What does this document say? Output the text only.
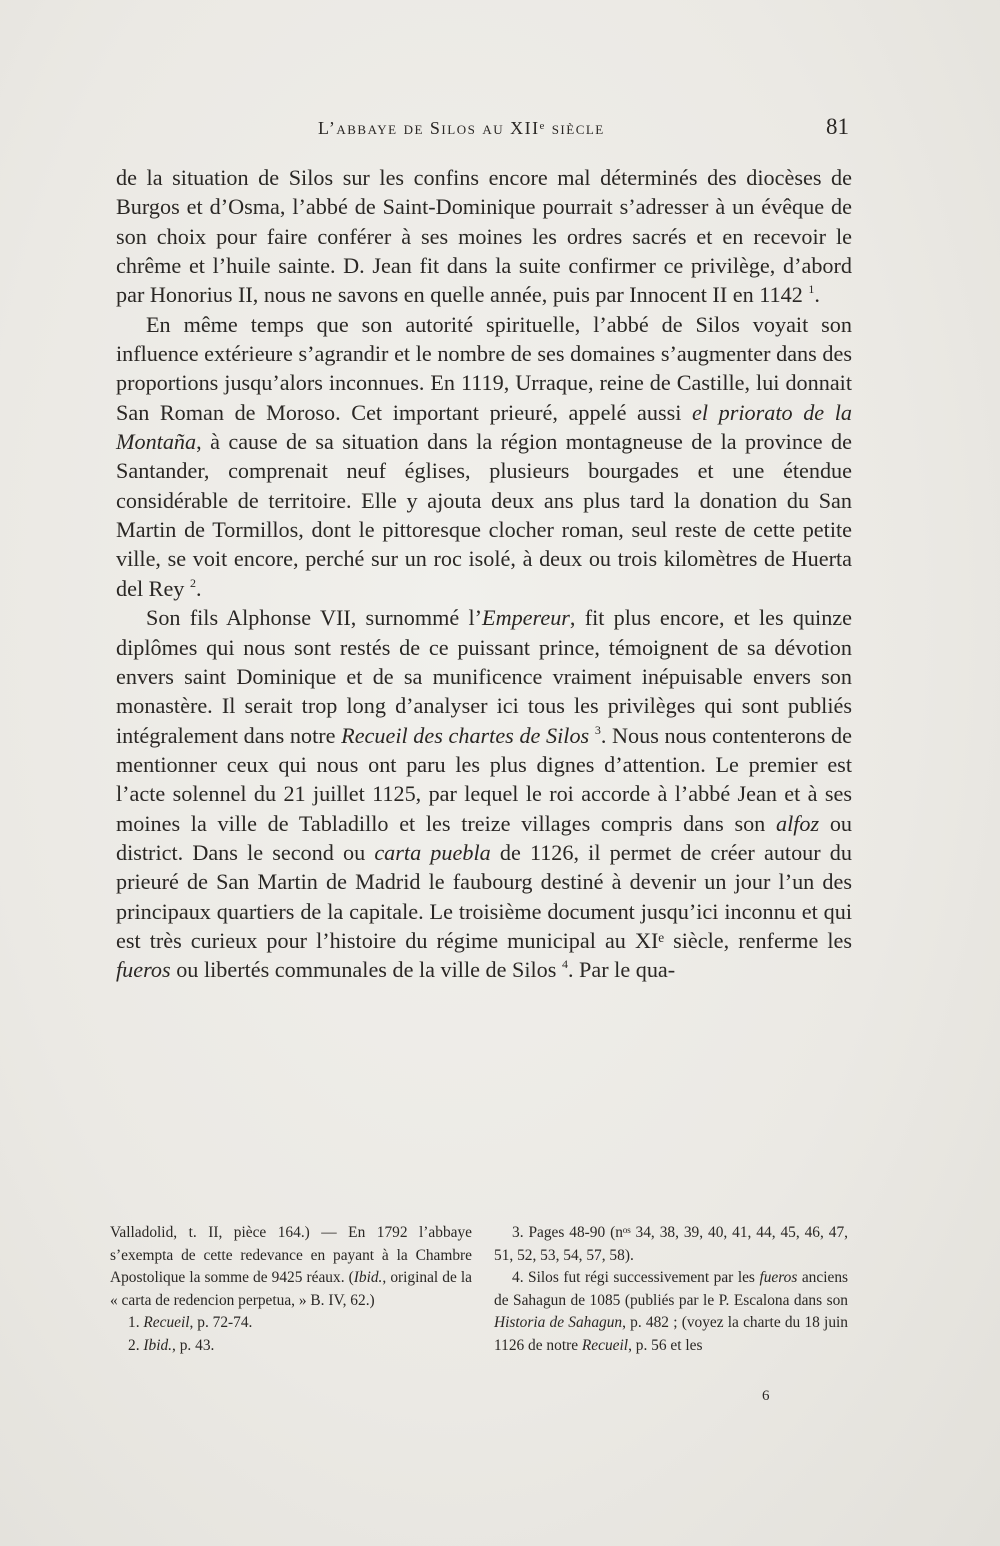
L’abbaye de Silos au XIIᵉ siècle	81

de la situation de Silos sur les confins encore mal déterminés des diocèses de Burgos et d’Osma, l’abbé de Saint-Dominique pourrait s’adresser à un évêque de son choix pour faire conférer à ses moines les ordres sacrés et en recevoir le chrême et l’huile sainte. D. Jean fit dans la suite confirmer ce privilège, d’abord par Honorius II, nous ne savons en quelle année, puis par Innocent II en 1142 $^1$.

En même temps que son autorité spirituelle, l’abbé de Silos voyait son influence extérieure s’agrandir et le nombre de ses domaines s’augmenter dans des proportions jusqu’alors inconnues. En 1119, Urraque, reine de Castille, lui donnait San Roman de Moroso. Cet important prieuré, appelé aussi el priorato de la Montaña, à cause de sa situation dans la région montagneuse de la province de Santander, comprenait neuf églises, plusieurs bourgades et une étendue considérable de territoire. Elle y ajouta deux ans plus tard la donation du San Martin de Tormillos, dont le pittoresque clocher roman, seul reste de cette petite ville, se voit encore, perché sur un roc isolé, à deux ou trois kilomètres de Huerta del Rey $^2$.

Son fils Alphonse VII, surnommé l’Empereur, fit plus encore, et les quinze diplômes qui nous sont restés de ce puissant prince, témoignent de sa dévotion envers saint Dominique et de sa munificence vraiment inépuisable envers son monastère. Il serait trop long d’analyser ici tous les privilèges qui sont publiés intégralement dans notre Recueil des chartes de Silos $^3$. Nous nous contenterons de mentionner ceux qui nous ont paru les plus dignes d’attention. Le premier est l’acte solennel du 21 juillet 1125, par lequel le roi accorde à l’abbé Jean et à ses moines la ville de Tabladillo et les treize villages compris dans son alfoz ou district. Dans le second ou carta puebla de 1126, il permet de créer autour du prieuré de San Martin de Madrid le faubourg destiné à devenir un jour l’un des principaux quartiers de la capitale. Le troisième document jusqu’ici inconnu et qui est très curieux pour l’histoire du régime municipal au XIᵉ siècle, renferme les fueros ou libertés communales de la ville de Silos $^4$. Par le qua-

Valladolid, t. II, pièce 164.) — En 1792 l’abbaye s’exempta de cette redevance en payant à la Chambre Apostolique la somme de 9425 réaux. (Ibid., original de la « carta de redencion perpetua, » B. IV, 62.)

1. Recueil, p. 72-74.

2. Ibid., p. 43.

3. Pages 48-90 (nᵒˢ 34, 38, 39, 40, 41, 44, 45, 46, 47, 51, 52, 53, 54, 57, 58).

4. Silos fut régi successivement par les fueros anciens de Sahagun de 1085 (publiés par le P. Escalona dans son Historia de Sahagun, p. 482 ; (voyez la charte du 18 juin 1126 de notre Recueil, p. 56 et les

6
